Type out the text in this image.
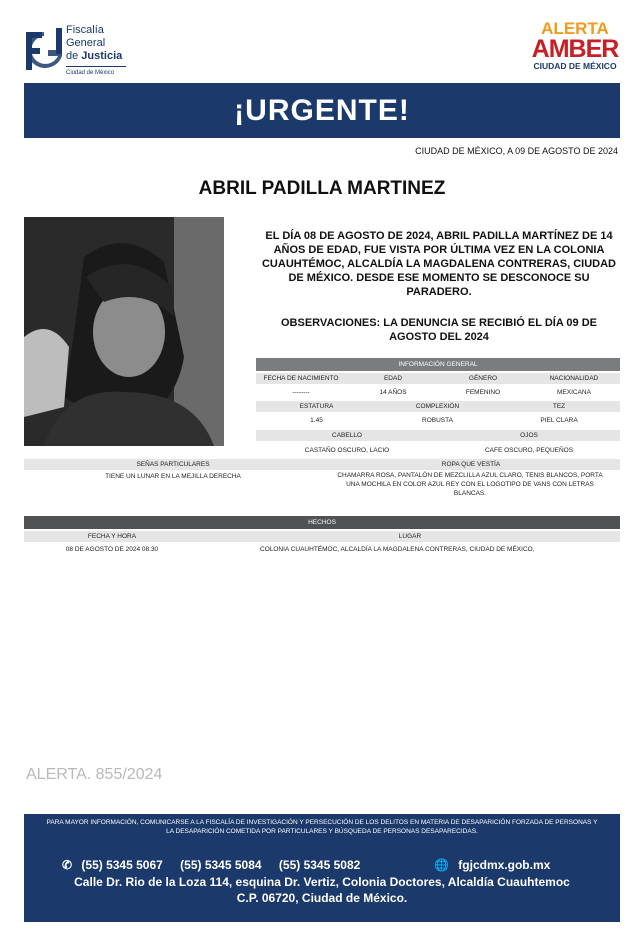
Fiscalía
General
de Justicia
Ciudad de México
ALERTA
AMBER
CIUDAD DE MÉXICO
¡URGENTE!
CIUDAD DE MÉXICO, A 09 DE AGOSTO DE 2024
ABRIL PADILLA MARTINEZ
EL DÍA 08 DE AGOSTO DE 2024, ABRIL PADILLA MARTÍNEZ DE 14 AÑOS DE EDAD, FUE VISTA POR ÚLTIMA VEZ EN LA COLONIA CUAUHTÉMOC, ALCALDÍA LA MAGDALENA CONTRERAS, CIUDAD DE MÉXICO. DESDE ESE MOMENTO SE DESCONOCE SU PARADERO.
OBSERVACIONES: LA DENUNCIA SE RECIBIÓ EL DÍA 09 DE AGOSTO DEL 2024
INFORMACIÓN GENERAL
FECHA DE NACIMIENTO	EDAD	GÉNERO	NACIONALIDAD
--------	14 AÑOS	FEMENINO	MEXICANA
ESTATURA	COMPLEXIÓN	TEZ
1.45	ROBUSTA	PIEL CLARA
CABELLO	OJOS
CASTAÑO OSCURO, LACIO	CAFE OSCURO, PEQUEÑOS
SEÑAS PARTICULARES	ROPA QUE VESTÍA
TIENE UN LUNAR EN LA MEJILLA DERECHA	CHAMARRA ROSA, PANTALÓN DE MEZCLILLA AZUL CLARO, TENIS BLANCOS, PORTA UNA MOCHILA EN COLOR AZUL REY CON EL LOGOTIPO DE VANS CON LETRAS BLANCAS.
HECHOS
FECHA Y HORA	LUGAR
08 DE AGOSTO DE 2024 08:30	COLONIA CUAUHTÉMOC, ALCALDÍA LA MAGDALENA CONTRERAS, CIUDAD DE MÉXICO,
ALERTA. 855/2024
PARA MAYOR INFORMACIÓN, COMUNICARSE A LA FISCALÍA DE INVESTIGACIÓN Y PERSECUCIÓN DE LOS DELITOS EN MATERIA DE DESAPARICIÓN FORZADA DE PERSONAS Y LA DESAPARICIÓN COMETIDA POR PARTICULARES Y BÚSQUEDA DE PERSONAS DESAPARECIDAS.
✆ (55) 5345 5067 (55) 5345 5084 (55) 5345 5082	🌐 fgjcdmx.gob.mx
Calle Dr. Rio de la Loza 114, esquina Dr. Vertiz, Colonia Doctores, Alcaldía Cuauhtemoc
C.P. 06720, Ciudad de México.
